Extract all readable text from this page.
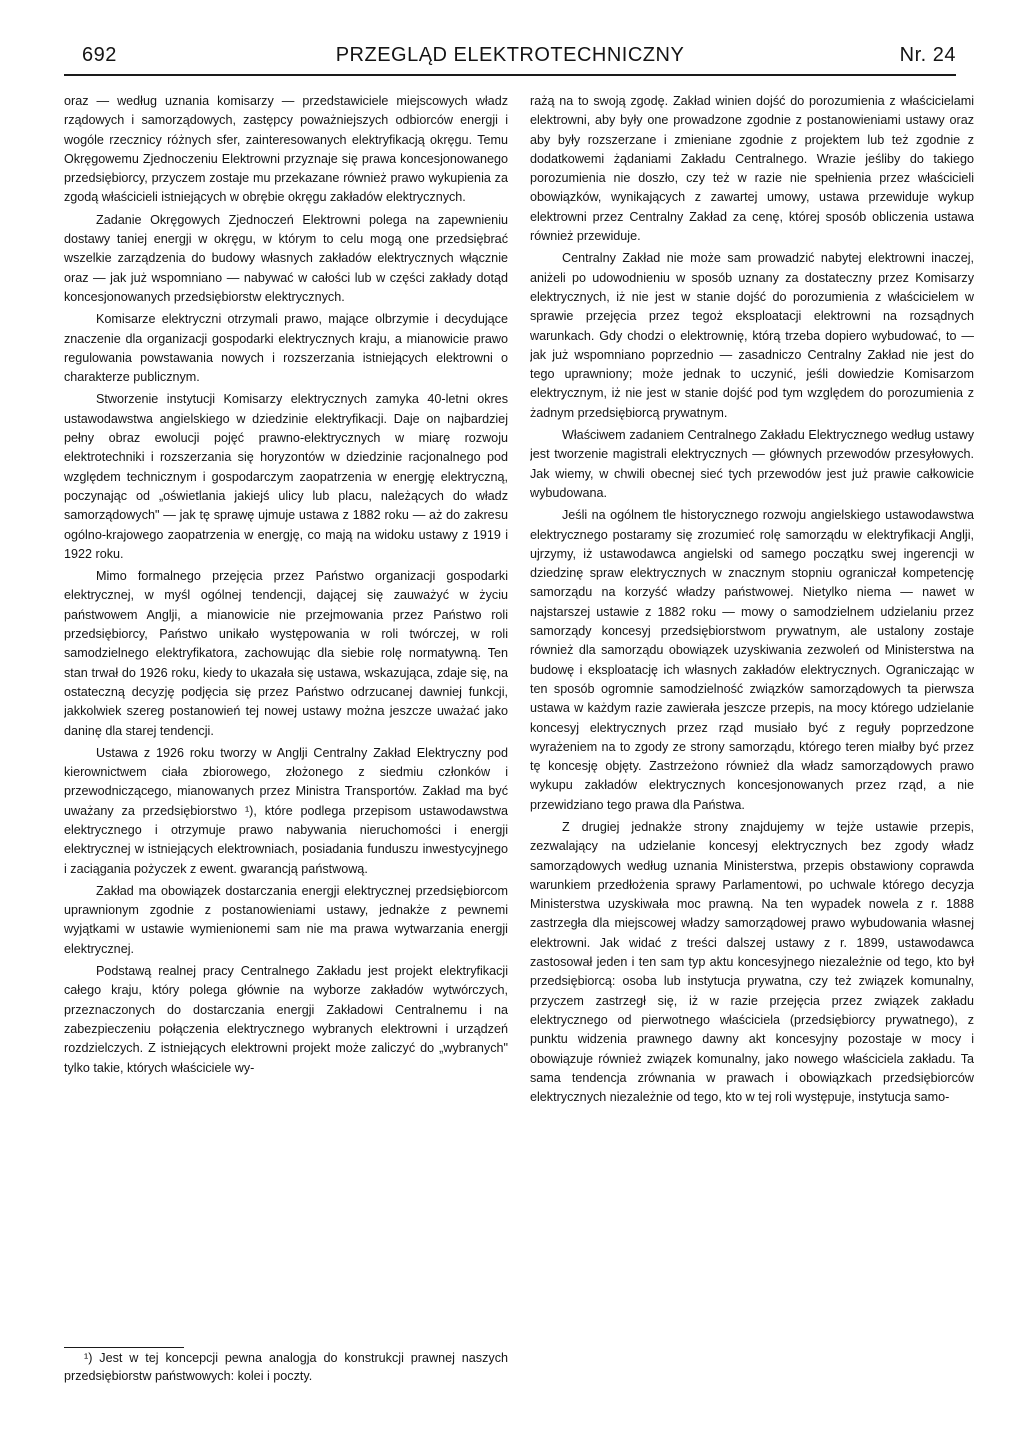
692	PRZEGLĄD ELEKTROTECHNICZNY	Nr. 24

oraz — według uznania komisarzy — przedstawiciele miejscowych władz rządowych i samorządowych, zastępcy poważniejszych odbiorców energji i wogóle rzecznicy różnych sfer, zainteresowanych elektryfikacją okręgu. Temu Okręgowemu Zjednoczeniu Elektrowni przyznaje się prawa koncesjonowanego przedsiębiorcy, przyczem zostaje mu przekazane również prawo wykupienia za zgodą właścicieli istniejących w obrębie okręgu zakładów elektrycznych.

Zadanie Okręgowych Zjednoczeń Elektrowni polega na zapewnieniu dostawy taniej energji w okręgu, w którym to celu mogą one przedsiębrać wszelkie zarządzenia do budowy własnych zakładów elektrycznych włącznie oraz — jak już wspomniano — nabywać w całości lub w części zakłady dotąd koncesjonowanych przedsiębiorstw elektrycznych.

Komisarze elektryczni otrzymali prawo, mające olbrzymie i decydujące znaczenie dla organizacji gospodarki elektrycznych kraju, a mianowicie prawo regulowania powstawania nowych i rozszerzania istniejących elektrowni o charakterze publicznym.

Stworzenie instytucji Komisarzy elektrycznych zamyka 40-letni okres ustawodawstwa angielskiego w dziedzinie elektryfikacji. Daje on najbardziej pełny obraz ewolucji pojęć prawno-elektrycznych w miarę rozwoju elektrotechniki i rozszerzania się horyzontów w dziedzinie racjonalnego pod względem technicznym i gospodarczym zaopatrzenia w energję elektryczną, poczynając od „oświetlania jakiejś ulicy lub placu, należących do władz samorządowych" — jak tę sprawę ujmuje ustawa z 1882 roku — aż do zakresu ogólno-krajowego zaopatrzenia w energję, co mają na widoku ustawy z 1919 i 1922 roku.

Mimo formalnego przejęcia przez Państwo organizacji gospodarki elektrycznej, w myśl ogólnej tendencji, dającej się zauważyć w życiu państwowem Anglji, a mianowicie nie przejmowania przez Państwo roli przedsiębiorcy, Państwo unikało występowania w roli twórczej, w roli samodzielnego elektryfikatora, zachowując dla siebie rolę normatywną. Ten stan trwał do 1926 roku, kiedy to ukazała się ustawa, wskazująca, zdaje się, na ostateczną decyzję podjęcia się przez Państwo odrzucanej dawniej funkcji, jakkolwiek szereg postanowień tej nowej ustawy można jeszcze uważać jako daninę dla starej tendencji.

Ustawa z 1926 roku tworzy w Anglji Centralny Zakład Elektryczny pod kierownictwem ciała zbiorowego, złożonego z siedmiu członków i przewodniczącego, mianowanych przez Ministra Transportów. Zakład ma być uważany za przedsiębiorstwo ¹), które podlega przepisom ustawodawstwa elektrycznego i otrzymuje prawo nabywania nieruchomości i energji elektrycznej w istniejących elektrowniach, posiadania funduszu inwestycyjnego i zaciągania pożyczek z ewent. gwarancją państwową.

Zakład ma obowiązek dostarczania energji elektrycznej przedsiębiorcom uprawnionym zgodnie z postanowieniami ustawy, jednakże z pewnemi wyjątkami w ustawie wymienionemi sam nie ma prawa wytwarzania energji elektrycznej.

Podstawą realnej pracy Centralnego Zakładu jest projekt elektryfikacji całego kraju, który polega głównie na wyborze zakładów wytwórczych, przeznaczonych do dostarczania energji Zakładowi Centralnemu i na zabezpieczeniu połączenia elektrycznego wybranych elektrowni i urządzeń rozdzielczych. Z istniejących elektrowni projekt może zaliczyć do „wybranych" tylko takie, których właściciele wy-

¹) Jest w tej koncepcji pewna analogja do konstrukcji prawnej naszych przedsiębiorstw państwowych: kolei i poczty.

rażą na to swoją zgodę. Zakład winien dojść do porozumienia z właścicielami elektrowni, aby były one prowadzone zgodnie z postanowieniami ustawy oraz aby były rozszerzane i zmieniane zgodnie z projektem lub też zgodnie z dodatkowemi żądaniami Zakładu Centralnego. Wrazie jeśliby do takiego porozumienia nie doszło, czy też w razie nie spełnienia przez właścicieli obowiązków, wynikających z zawartej umowy, ustawa przewiduje wykup elektrowni przez Centralny Zakład za cenę, której sposób obliczenia ustawa również przewiduje.

Centralny Zakład nie może sam prowadzić nabytej elektrowni inaczej, aniżeli po udowodnieniu w sposób uznany za dostateczny przez Komisarzy elektrycznych, iż nie jest w stanie dojść do porozumienia z właścicielem w sprawie przejęcia przez tegoż eksploatacji elektrowni na rozsądnych warunkach. Gdy chodzi o elektrownię, którą trzeba dopiero wybudować, to — jak już wspomniano poprzednio — zasadniczo Centralny Zakład nie jest do tego uprawniony; może jednak to uczynić, jeśli dowiedzie Komisarzom elektrycznym, iż nie jest w stanie dojść pod tym względem do porozumienia z żadnym przedsiębiorcą prywatnym.

Właściwem zadaniem Centralnego Zakładu Elektrycznego według ustawy jest tworzenie magistrali elektrycznych — głównych przewodów przesyłowych. Jak wiemy, w chwili obecnej sieć tych przewodów jest już prawie całkowicie wybudowana.

Jeśli na ogólnem tle historycznego rozwoju angielskiego ustawodawstwa elektrycznego postaramy się zrozumieć rolę samorządu w elektryfikacji Anglji, ujrzymy, iż ustawodawca angielski od samego początku swej ingerencji w dziedzinę spraw elektrycznych w znacznym stopniu ograniczał kompetencję samorządu na korzyść władzy państwowej. Nietylko niema — nawet w najstarszej ustawie z 1882 roku — mowy o samodzielnem udzielaniu przez samorządy koncesyj przedsiębiorstwom prywatnym, ale ustalony zostaje również dla samorządu obowiązek uzyskiwania zezwoleń od Ministerstwa na budowę i eksploatację ich własnych zakładów elektrycznych. Ograniczając w ten sposób ogromnie samodzielność związków samorządowych ta pierwsza ustawa w każdym razie zawierała jeszcze przepis, na mocy którego udzielanie koncesyj elektrycznych przez rząd musiało być z reguły poprzedzone wyrażeniem na to zgody ze strony samorządu, którego teren miałby być przez tę koncesję objęty. Zastrzeżono również dla władz samorządowych prawo wykupu zakładów elektrycznych koncesjonowanych przez rząd, a nie przewidziano tego prawa dla Państwa.

Z drugiej jednakże strony znajdujemy w tejże ustawie przepis, zezwalający na udzielanie koncesyj elektrycznych bez zgody władz samorządowych według uznania Ministerstwa, przepis obstawiony coprawda warunkiem przedłożenia sprawy Parlamentowi, po uchwale którego decyzja Ministerstwa uzyskiwała moc prawną. Na ten wypadek nowela z r. 1888 zastrzegła dla miejscowej władzy samorządowej prawo wybudowania własnej elektrowni. Jak widać z treści dalszej ustawy z r. 1899, ustawodawca zastosował jeden i ten sam typ aktu koncesyjnego niezależnie od tego, kto był przedsiębiorcą: osoba lub instytucja prywatna, czy też związek komunalny, przyczem zastrzegł się, iż w razie przejęcia przez związek zakładu elektrycznego od pierwotnego właściciela (przedsiębiorcy prywatnego), z punktu widzenia prawnego dawny akt koncesyjny pozostaje w mocy i obowiązuje również związek komunalny, jako nowego właściciela zakładu. Ta sama tendencja zrównania w prawach i obowiązkach przedsiębiorców elektrycznych niezależnie od tego, kto w tej roli występuje, instytucja samo-
